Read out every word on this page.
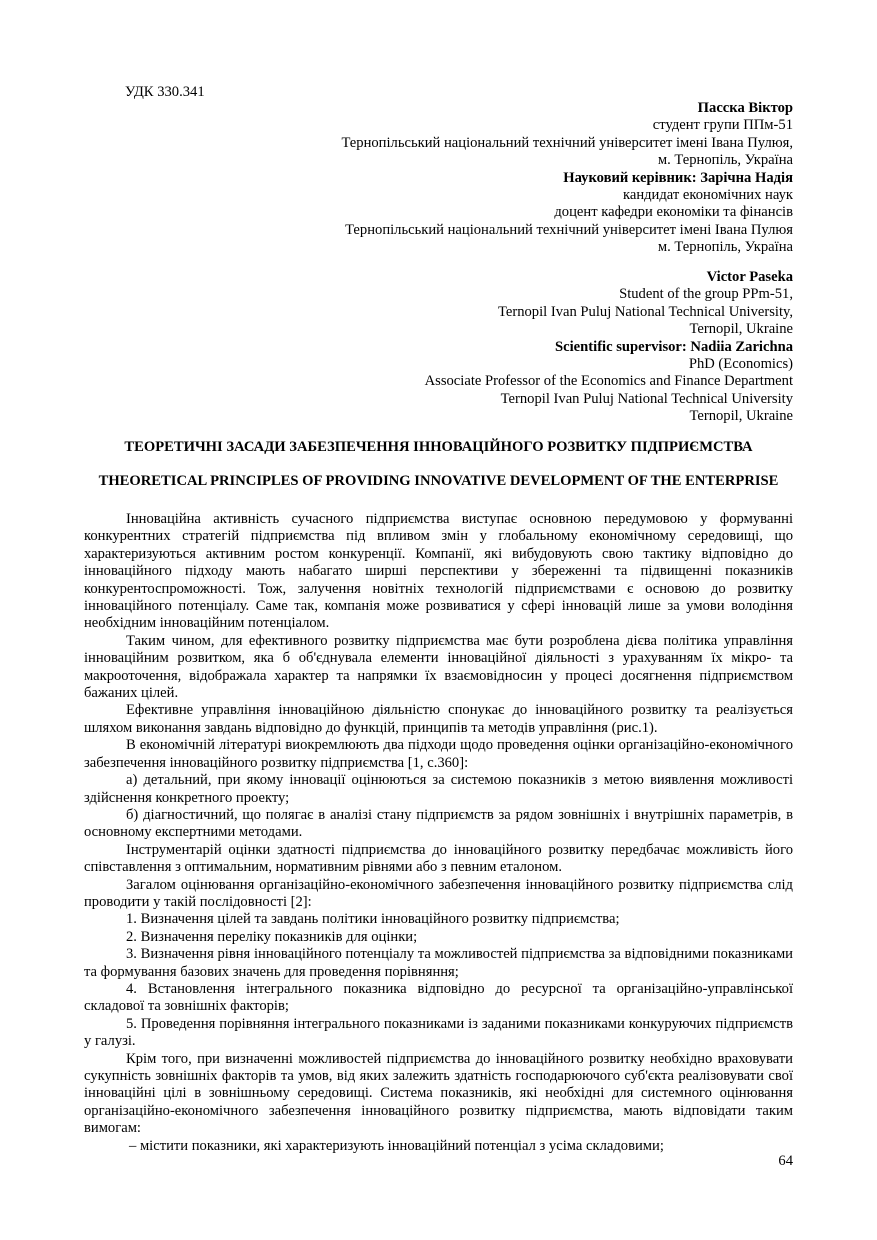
УДК 330.341

Пасска Віктор
студент групи ППм-51
Тернопільський національний технічний університет імені Івана Пулюя,
м. Тернопіль, Україна
Науковий керівник: Зарічна Надія
кандидат економічних наук
доцент кафедри економіки та фінансів
Тернопільський національний технічний університет імені Івана Пулюя
м. Тернопіль, Україна
Victor Paseka
Student of the group PPm-51,
Ternopil Ivan Puluj National Technical University,
Ternopil, Ukraine
Scientific supervisor: Nadiia Zarichna
PhD (Economics)
Associate Professor of the Economics and Finance Department
Ternopil Ivan Puluj National Technical University
Ternopil, Ukraine
ТЕОРЕТИЧНІ ЗАСАДИ ЗАБЕЗПЕЧЕННЯ ІННОВАЦІЙНОГО РОЗВИТКУ ПІДПРИЄМСТВА
THEORETICAL PRINCIPLES OF PROVIDING INNOVATIVE DEVELOPMENT OF THE ENTERPRISE

Інноваційна активність сучасного підприємства виступає основною передумовою у формуванні конкурентних стратегій підприємства під впливом змін у глобальному економічному середовищі, що характеризуються активним ростом конкуренції. Компанії, які вибудовують свою тактику відповідно до інноваційного підходу мають набагато ширші перспективи у збереженні та підвищенні показників конкурентоспроможності. Тож, залучення новітніх технологій підприємствами є основою до розвитку інноваційного потенціалу. Саме так, компанія може розвиватися у сфері інновацій лише за умови володіння необхідним інноваційним потенціалом.

Таким чином, для ефективного розвитку підприємства має бути розроблена дієва політика управління інноваційним розвитком, яка б об'єднувала елементи інноваційної діяльності з урахуванням їх мікро- та макрооточення, відображала характер та напрямки їх взаємовідносин у процесі досягнення підприємством бажаних цілей.

Ефективне управління інноваційною діяльністю спонукає до інноваційного розвитку та реалізується шляхом виконання завдань відповідно до функцій, принципів та методів управління (рис.1).

В економічній літературі виокремлюють два підходи щодо проведення оцінки організаційно-економічного забезпечення інноваційного розвитку підприємства [1, с.360]:

а) детальний, при якому інновації оцінюються за системою показників з метою виявлення можливості здійснення конкретного проекту;

б) діагностичний, що полягає в аналізі стану підприємств за рядом зовнішніх і внутрішніх параметрів, в основному експертними методами.

Інструментарій оцінки здатності підприємства до інноваційного розвитку передбачає можливість його співставлення з оптимальним, нормативним рівнями або з певним еталоном.

Загалом оцінювання організаційно-економічного забезпечення інноваційного розвитку підприємства слід проводити у такій послідовності [2]:

1. Визначення цілей та завдань політики інноваційного розвитку підприємства;

2. Визначення переліку показників для оцінки;

3. Визначення рівня інноваційного потенціалу та можливостей підприємства за відповідними показниками та формування базових значень для проведення порівняння;

4. Встановлення інтегрального показника відповідно до ресурсної та організаційно-управлінської складової та зовнішніх факторів;

5. Проведення порівняння інтегрального показниками із заданими показниками конкуруючих підприємств у галузі.

Крім того, при визначенні можливостей підприємства до інноваційного розвитку необхідно враховувати сукупність зовнішніх факторів та умов, від яких залежить здатність господарюючого суб'єкта реалізовувати свої інноваційні цілі в зовнішньому середовищі. Система показників, які необхідні для системного оцінювання організаційно-економічного забезпечення інноваційного розвитку підприємства, мають відповідати таким вимогам:

– містити показники, які характеризують інноваційний потенціал з усіма складовими;

64
